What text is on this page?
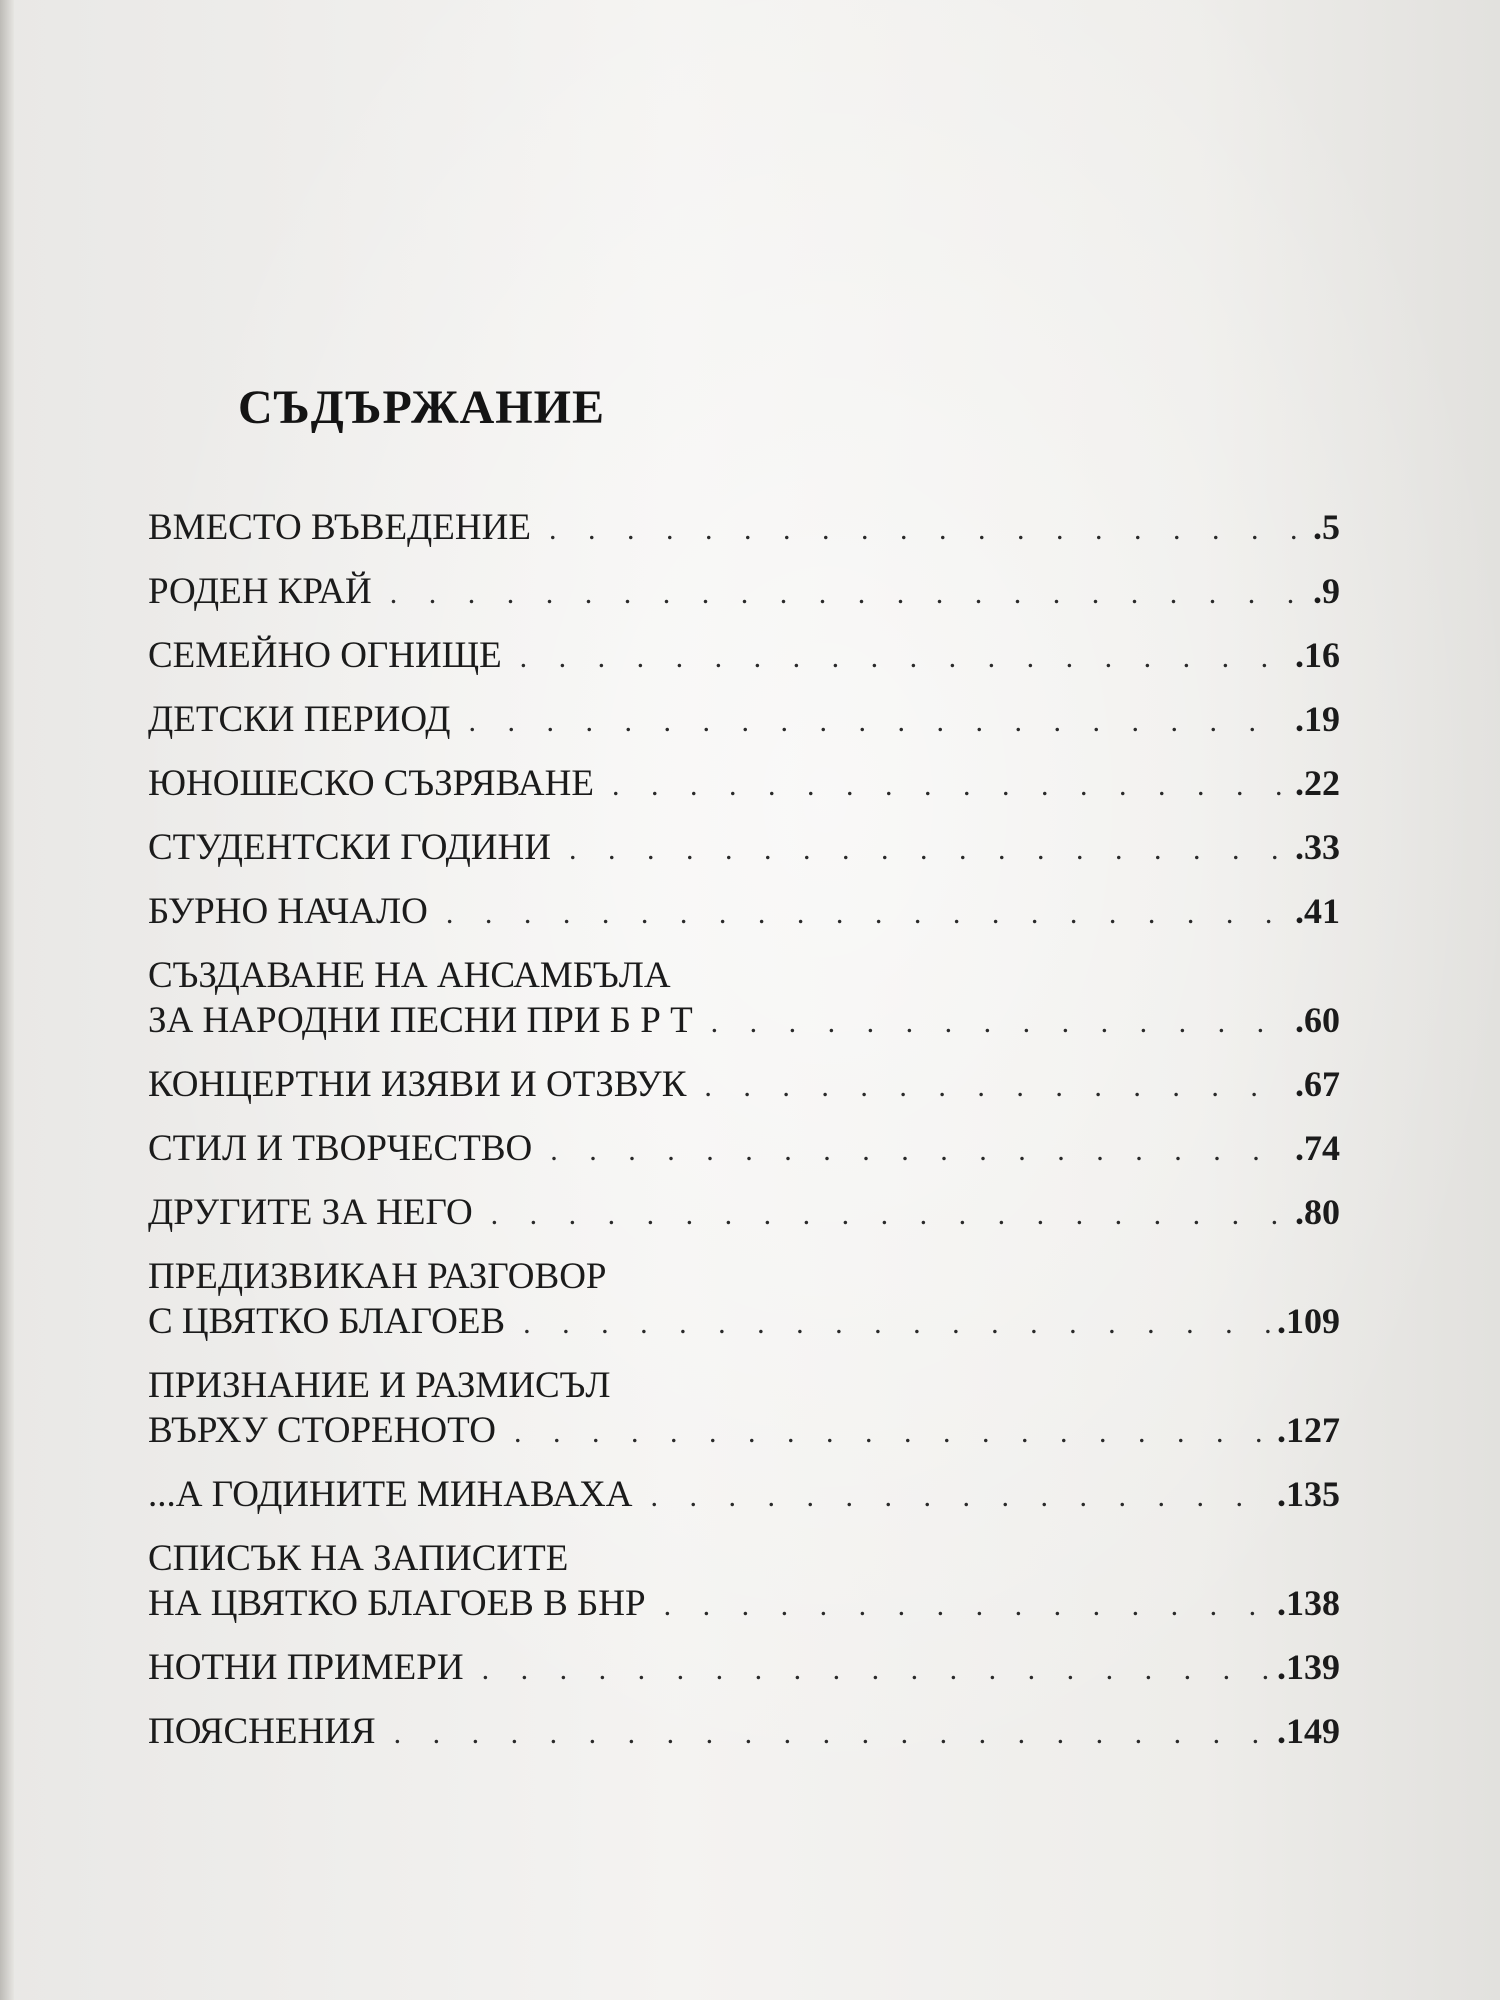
СЪДЪРЖАНИЕ
ВМЕСТО ВЪВЕДЕНИЕ . . .	.5
РОДЕН КРАЙ . . .	.9
СЕМЕЙНО ОГНИЩЕ . . .	.16
ДЕТСКИ ПЕРИОД . . .	.19
ЮНОШЕСКО СЪЗРЯВАНЕ . . .	.22
СТУДЕНТСКИ ГОДИНИ . . .	.33
БУРНО НАЧАЛО . . .	.41
СЪЗДАВАНЕ НА АНСАМБЪЛА
ЗА НАРОДНИ ПЕСНИ ПРИ Б Р Т . . .	.60
КОНЦЕРТНИ ИЗЯВИ И ОТЗВУК . . .	.67
СТИЛ И ТВОРЧЕСТВО . . .	.74
ДРУГИТЕ ЗА НЕГО . . .	.80
ПРЕДИЗВИКАН РАЗГОВОР
С ЦВЯТКО БЛАГОЕВ . . .	.109
ПРИЗНАНИЕ И РАЗМИСЪЛ
ВЪРХУ СТОРЕНОТО . . .	.127
...А ГОДИНИТЕ МИНАВАХА . . .	.135
СПИСЪК НА ЗАПИСИТЕ
НА ЦВЯТКО БЛАГОЕВ В БНР . . .	.138
НОТНИ ПРИМЕРИ . . .	.139
ПОЯСНЕНИЯ . . .	.149
